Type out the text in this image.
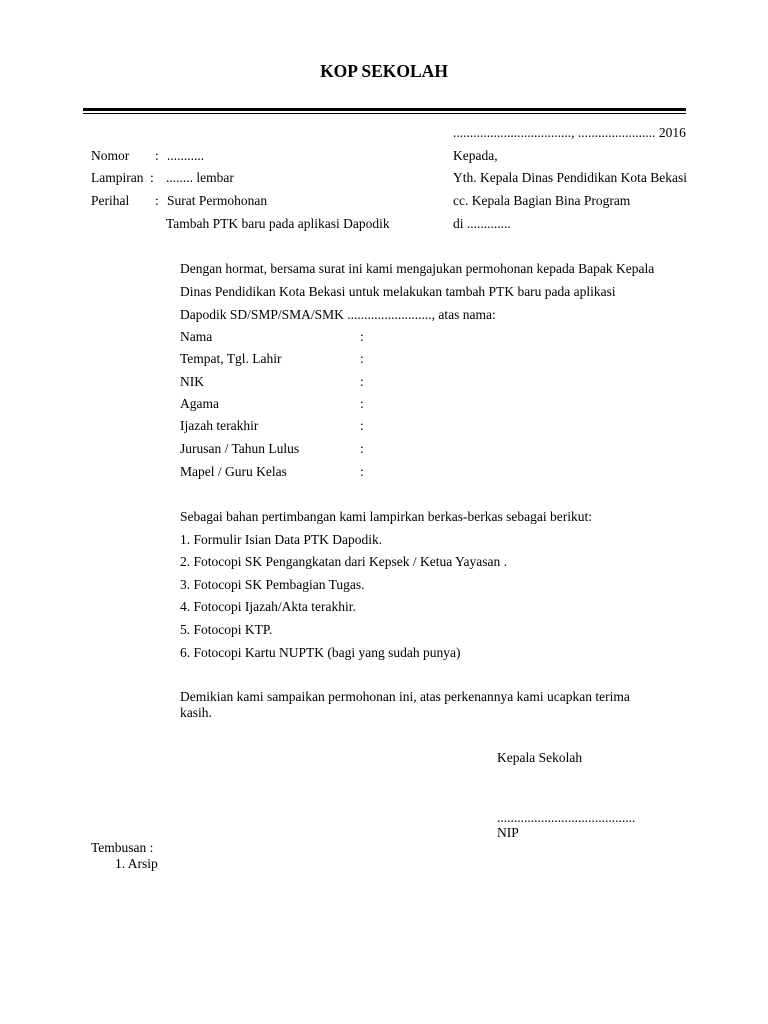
KOP SEKOLAH
..................................., ....................... 2016
Nomor : ...........
Lampiran : ........ lembar
Perihal : Surat Permohonan
Tambah PTK baru pada aplikasi Dapodik
Kepada,
Yth. Kepala Dinas Pendidikan Kota Bekasi
cc. Kepala Bagian Bina Program
di .............
Dengan hormat, bersama surat ini kami mengajukan permohonan kepada Bapak Kepala
Dinas Pendidikan Kota Bekasi untuk melakukan tambah PTK baru pada aplikasi
Dapodik SD/SMP/SMA/SMK ........................., atas nama:
Nama	:
Tempat, Tgl. Lahir	:
NIK	:
Agama	:
Ijazah terakhir	:
Jurusan / Tahun Lulus	:
Mapel / Guru Kelas	:
Sebagai bahan pertimbangan kami lampirkan berkas-berkas sebagai berikut:
1. Formulir Isian Data PTK Dapodik.
2. Fotocopi SK Pengangkatan dari Kepsek / Ketua Yayasan .
3. Fotocopi SK Pembagian Tugas.
4. Fotocopi Ijazah/Akta terakhir.
5. Fotocopi KTP.
6. Fotocopi Kartu NUPTK (bagi yang sudah punya)
Demikian kami sampaikan permohonan ini, atas perkenannya kami ucapkan terima
kasih.
Kepala Sekolah
.........................................
NIP
Tembusan :
1. Arsip
